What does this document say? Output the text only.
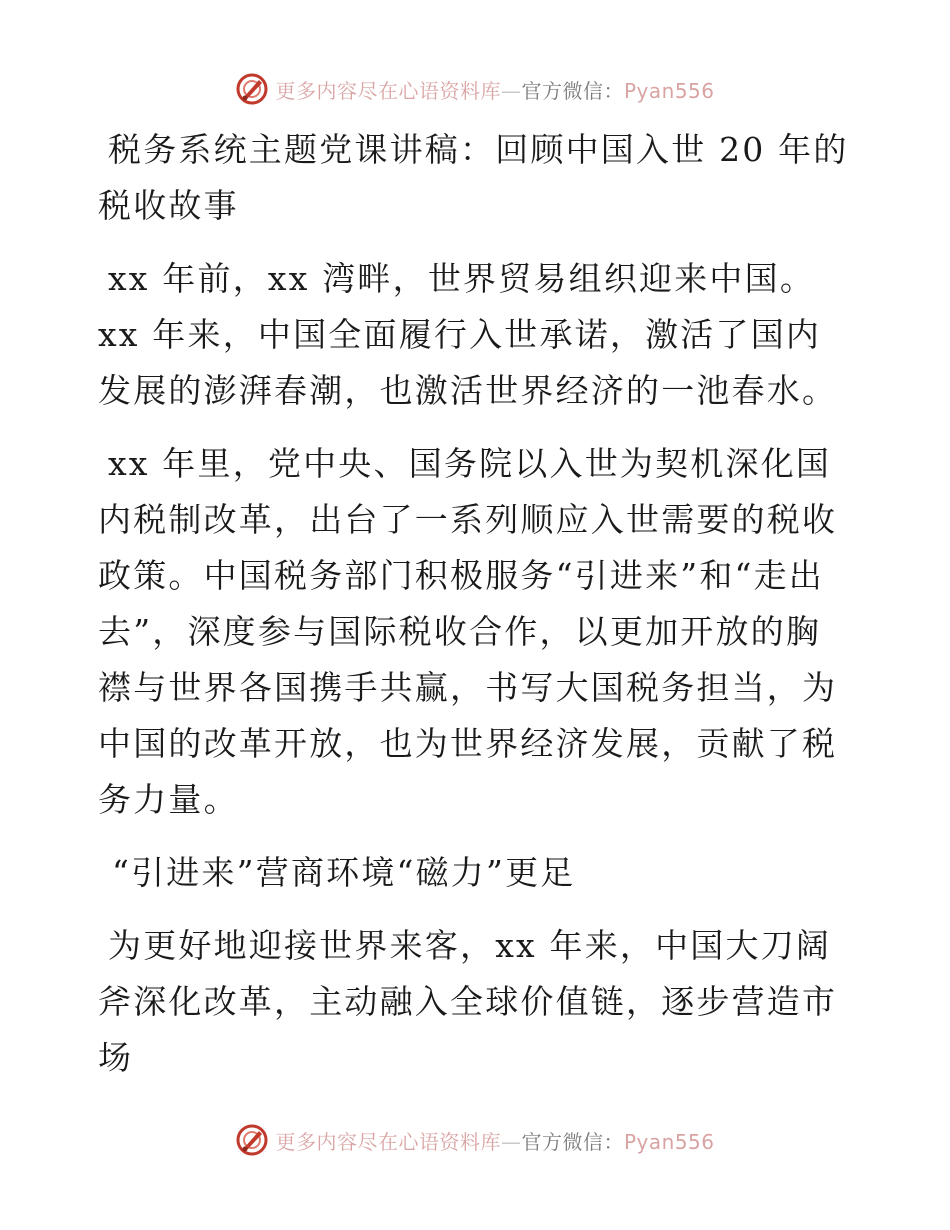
更多内容尽在心语资料库—官方微信：Pyan556

税务系统主题党课讲稿：回顾中国入世 20 年的税收故事

xx 年前，xx 湾畔，世界贸易组织迎来中国。xx 年来，中国全面履行入世承诺，激活了国内发展的澎湃春潮，也激活世界经济的一池春水。

xx 年里，党中央、国务院以入世为契机深化国内税制改革，出台了一系列顺应入世需要的税收政策。中国税务部门积极服务“引进来”和“走出去”，深度参与国际税收合作，以更加开放的胸襟与世界各国携手共赢，书写大国税务担当，为中国的改革开放，也为世界经济发展，贡献了税务力量。

“引进来”营商环境“磁力”更足

为更好地迎接世界来客，xx 年来，中国大刀阔斧深化改革，主动融入全球价值链，逐步营造市场

更多内容尽在心语资料库—官方微信：Pyan556
